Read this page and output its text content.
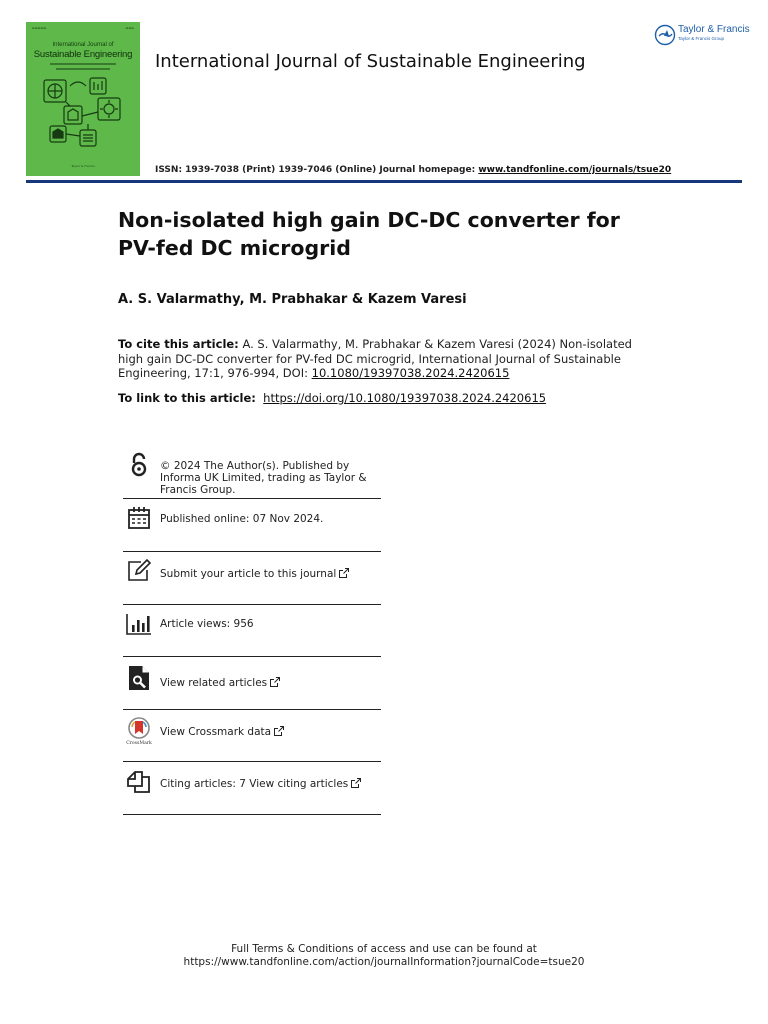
▬▬▬▬▬	▬▬▬
International Journal of
Sustainable Engineering
Taylor & Francis
International Journal of Sustainable Engineering
ISSN: 1939-7038 (Print) 1939-7046 (Online) Journal homepage: www.tandfonline.com/journals/tsue20
Taylor & Francis
Taylor & Francis Group
Non-isolated high gain DC-DC converter for PV-fed DC microgrid
A. S. Valarmathy, M. Prabhakar & Kazem Varesi
To cite this article: A. S. Valarmathy, M. Prabhakar & Kazem Varesi (2024) Non-isolated high gain DC-DC converter for PV-fed DC microgrid, International Journal of Sustainable Engineering, 17:1, 976-994, DOI: 10.1080/19397038.2024.2420615
To link to this article: https://doi.org/10.1080/19397038.2024.2420615
© 2024 The Author(s). Published by Informa UK Limited, trading as Taylor & Francis Group.
Published online: 07 Nov 2024.
Submit your article to this journal
Article views: 956
View related articles
CrossMark
View Crossmark data
Citing articles: 7 View citing articles
Full Terms & Conditions of access and use can be found at
https://www.tandfonline.com/action/journalInformation?journalCode=tsue20
